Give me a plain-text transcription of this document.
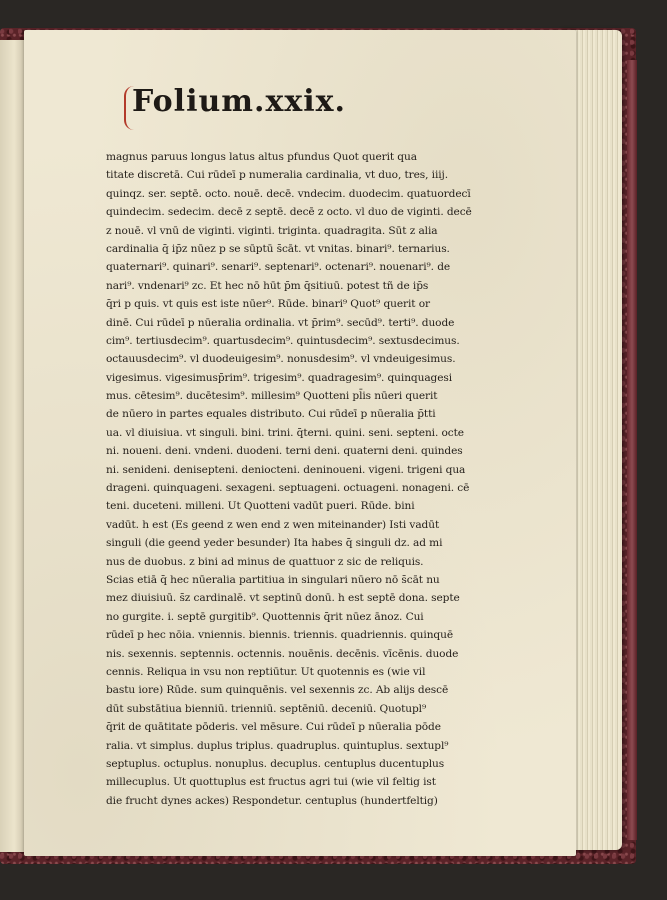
Folium.xxix.
magnus paruus longus latus altus pfundus Quot querit qua
titate discretā. Cui rūdeī p numeralia cardinalia, vt duo, tres, iiij.
quinqz. ser. septē. octo. nouē. decē. vndecim. duodecim. quatuordecī
quindecim. sedecim. decē z septē. decē z octo. vl duo de viginti. decē
z nouē. vl vnū de viginti. viginti. triginta. quadragita. Sūt z alia
cardinalia q̄ ip̄z nūez p se sūptū s̄cāt. vt vnitas. binari⁹. ternarius.
quaternari⁹. quinari⁹. senari⁹. septenari⁹. octenari⁹. nouenari⁹. de
nari⁹. vndenari⁹ zc. Et hec nō hūt p̄m q̄sitiuū. potest tñ de ip̄s
q̄ri p quis. vt quis est iste nūer⁹. Rūde. binari⁹ Quot⁹ querit or
dinē. Cui rūdeī p nūeralia ordinalia. vt p̄rim⁹. secūd⁹. terti⁹. duode
cim⁹. tertiusdecim⁹. quartusdecim⁹. quintusdecim⁹. sextusdecimus.
octauusdecim⁹. vl duodeuigesim⁹. nonusdesim⁹. vl vndeuigesimus.
vigesimus. vigesimusp̄rim⁹. trigesim⁹. quadragesim⁹. quinquagesi
mus. cētesim⁹. ducētesim⁹. millesim⁹ Quotteni pl̄is nūeri querit
de nūero in partes equales distributo. Cui rūdeī p nūeralia p̄tti
ua. vl diuisiua. vt singuli. bini. trini. q̄terni. quini. seni. septeni. octe
ni. noueni. deni. vndeni. duodeni. terni deni. quaterni deni. quindes
ni. senideni. denisepteni. deniocteni. deninoueni. vigeni. trigeni qua
drageni. quinquageni. sexageni. septuageni. octuageni. nonageni. cē
teni. duceteni. milleni. Ut Quotteni vadūt pueri. Rūde. bini
vadūt. h est (Es geend z wen end z wen miteinander) Isti vadūt
singuli (die geend yeder besunder) Ita habes q̄ singuli dz. ad mi
nus de duobus. z bini ad minus de quattuor z sic de reliquis.
Scias etiā q̄ hec nūeralia partitiua in singulari nūero nō s̄cāt nu
mez diuisiuū. s̄z cardinalē. vt septinū donū. h est septē dona. septe
no gurgite. i. septē gurgitib⁹. Quottennis q̄rit nūez ānoz. Cui
rūdeī p hec nōia. vniennis. biennis. triennis. quadriennis. quinquē
nis. sexennis. septennis. octennis. nouēnis. decēnis. vīcēnis. duode
cennis. Reliqua in vsu non reptiūtur. Ut quotennis es (wie vil
bastu iore) Rūde. sum quinquēnis. vel sexennis zc. Ab alijs descē
dūt substātiua bienniū. trienniū. septēniū. deceniū. Quotupl⁹
q̄rit de quātitate pōderis. vel mēsure. Cui rūdeī p nūeralia pōde
ralia. vt simplus. duplus triplus. quadruplus. quintuplus. sextupl⁹
septuplus. octuplus. nonuplus. decuplus. centuplus ducentuplus
millecuplus. Ut quottuplus est fructus agri tui (wie vil feltig ist
die frucht dynes ackes) Respondetur. centuplus (hundertfeltig)
